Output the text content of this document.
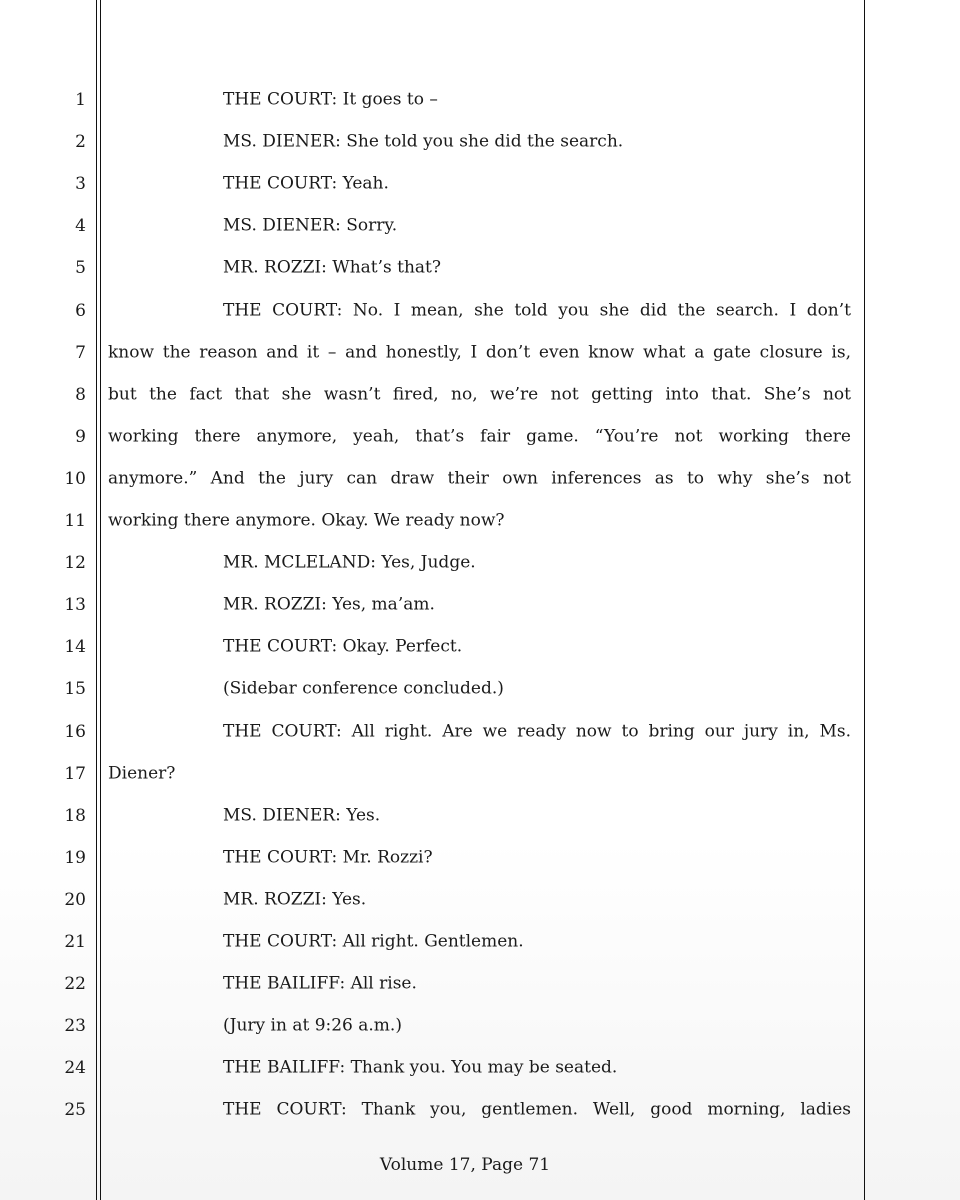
1	THE COURT: It goes to –
2	MS. DIENER: She told you she did the search.
3	THE COURT: Yeah.
4	MS. DIENER: Sorry.
5	MR. ROZZI: What’s that?
6	THE COURT: No. I mean, she told you she did the search. I don’t
7 know the reason and it – and honestly, I don’t even know what a gate closure is,
8 but the fact that she wasn’t fired, no, we’re not getting into that. She’s not
9 working there anymore, yeah, that’s fair game. “You’re not working there
10 anymore.” And the jury can draw their own inferences as to why she’s not
11 working there anymore. Okay. We ready now?
12	MR. MCLELAND: Yes, Judge.
13	MR. ROZZI: Yes, ma’am.
14	THE COURT: Okay. Perfect.
15	(Sidebar conference concluded.)
16	THE COURT: All right. Are we ready now to bring our jury in, Ms.
17 Diener?
18	MS. DIENER: Yes.
19	THE COURT: Mr. Rozzi?
20	MR. ROZZI: Yes.
21	THE COURT: All right. Gentlemen.
22	THE BAILIFF: All rise.
23	(Jury in at 9:26 a.m.)
24	THE BAILIFF: Thank you. You may be seated.
25	THE COURT: Thank you, gentlemen. Well, good morning, ladies
Volume 17, Page 71
